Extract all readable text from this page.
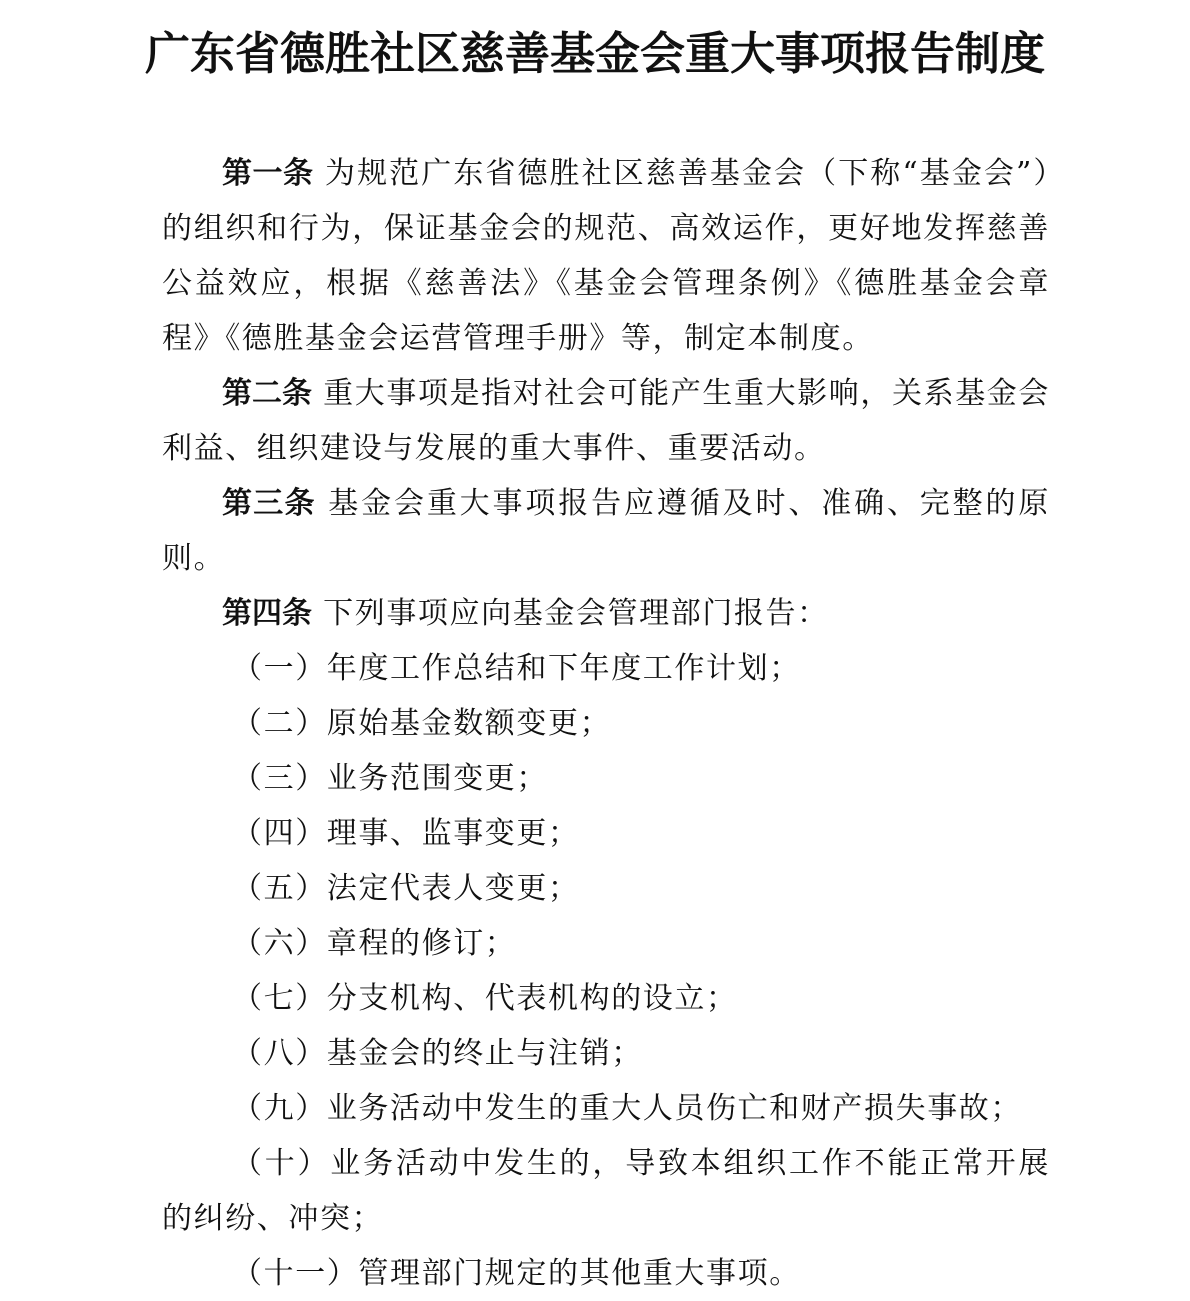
广东省德胜社区慈善基金会重大事项报告制度

第一条 为规范广东省德胜社区慈善基金会（下称“基金会”）的组织和行为，保证基金会的规范、高效运作，更好地发挥慈善公益效应，根据《慈善法》《基金会管理条例》《德胜基金会章程》《德胜基金会运营管理手册》等，制定本制度。

第二条 重大事项是指对社会可能产生重大影响，关系基金会利益、组织建设与发展的重大事件、重要活动。

第三条 基金会重大事项报告应遵循及时、准确、完整的原则。

第四条 下列事项应向基金会管理部门报告：

（一）年度工作总结和下年度工作计划；

（二）原始基金数额变更；

（三）业务范围变更；

（四）理事、监事变更；

（五）法定代表人变更；

（六）章程的修订；

（七）分支机构、代表机构的设立；

（八）基金会的终止与注销；

（九）业务活动中发生的重大人员伤亡和财产损失事故；

（十）业务活动中发生的，导致本组织工作不能正常开展的纠纷、冲突；

（十一）管理部门规定的其他重大事项。
